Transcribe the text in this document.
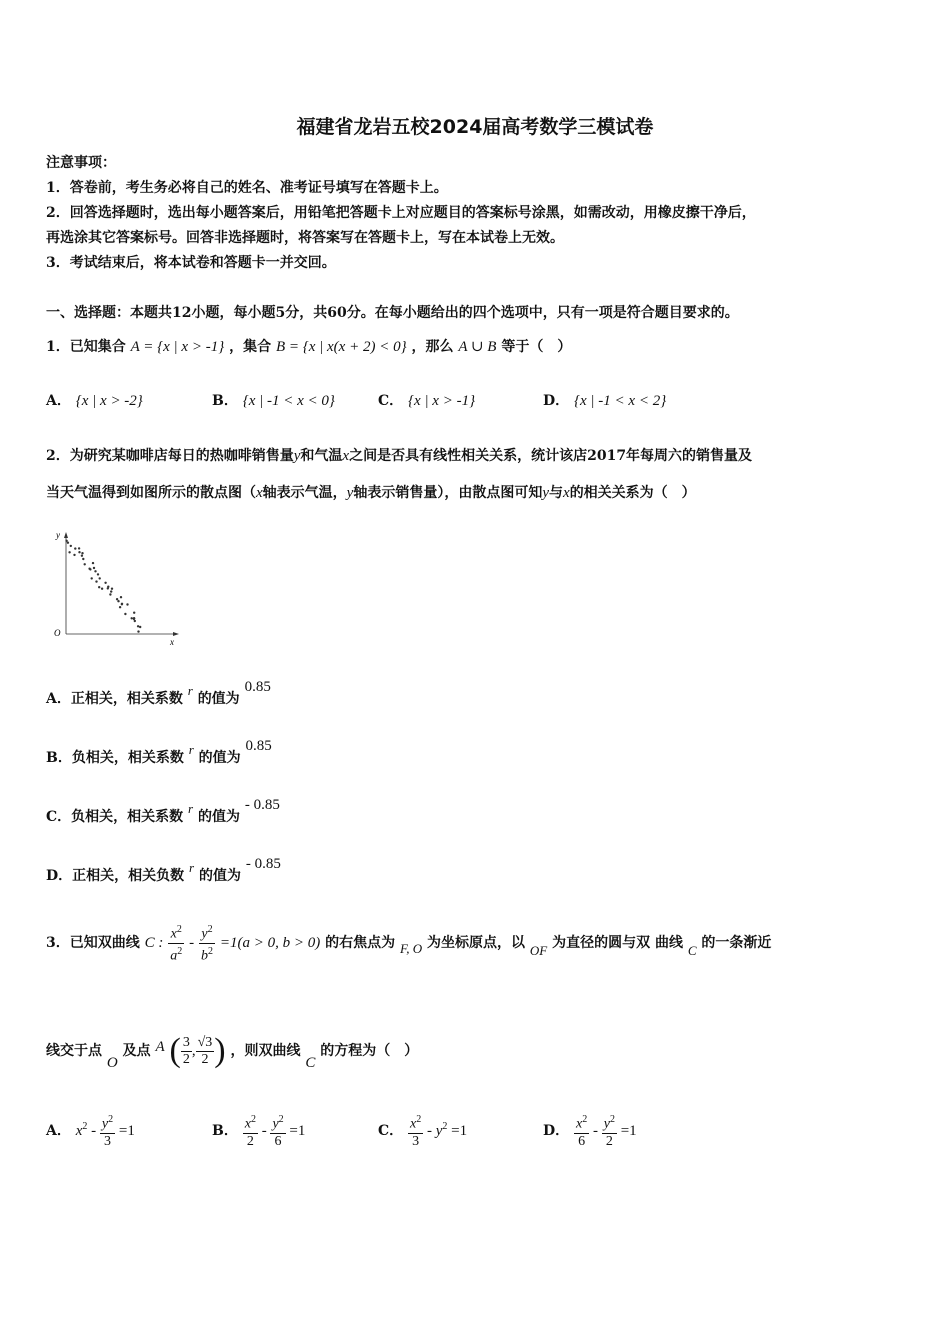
福建省龙岩五校2024届高考数学三模试卷
注意事项：
1．答卷前，考生务必将自己的姓名、准考证号填写在答题卡上。
2．回答选择题时，选出每小题答案后，用铅笔把答题卡上对应题目的答案标号涂黑，如需改动，用橡皮擦干净后，
再选涂其它答案标号。回答非选择题时，将答案写在答题卡上，写在本试卷上无效。
3．考试结束后，将本试卷和答题卡一并交回。
一、选择题：本题共12小题，每小题5分，共60分。在每小题给出的四个选项中，只有一项是符合题目要求的。
1．已知集合 A = {x | x > -1} ，集合 B = {x | x(x + 2) < 0} ，那么 A ∪ B 等于（　）
A． {x | x > -2}	B． {x | -1 < x < 0}	C． {x | x > -1}	D． {x | -1 < x < 2}
2．为研究某咖啡店每日的热咖啡销售量y和气温x之间是否具有线性相关关系，统计该店2017年每周六的销售量及
当天气温得到如图所示的散点图（x轴表示气温，y轴表示销售量），由散点图可知y与x的相关关系为（　）
y
x
O
A．正相关，相关系数 r 的值为 0.85
B．负相关，相关系数 r 的值为 0.85
C．负相关，相关系数 r 的值为 - 0.85
D．正相关，相关负数 r 的值为 - 0.85
3．已知双曲线 C : $\frac{x^2}{a^2} - \frac{y^2}{b^2} =1(a > 0$, b > 0) 的右焦点为 F, O 为坐标原点，以 OF 为直径的圆与双 曲线 C 的一条渐近
线交于点 O 及点 A ( $\frac{3}{2}$ , $\frac{√3}{2}$ ) ，则双曲线 C 的方程为（　）
A． $x^2 - \frac{y^2}{3} =1$	B． $\frac{x^2}{2} - \frac{y^2}{6} =1$	C． $\frac{x^2}{3} - y^2 =1$	D． $\frac{x^2}{6} - \frac{y^2}{2} =1$
